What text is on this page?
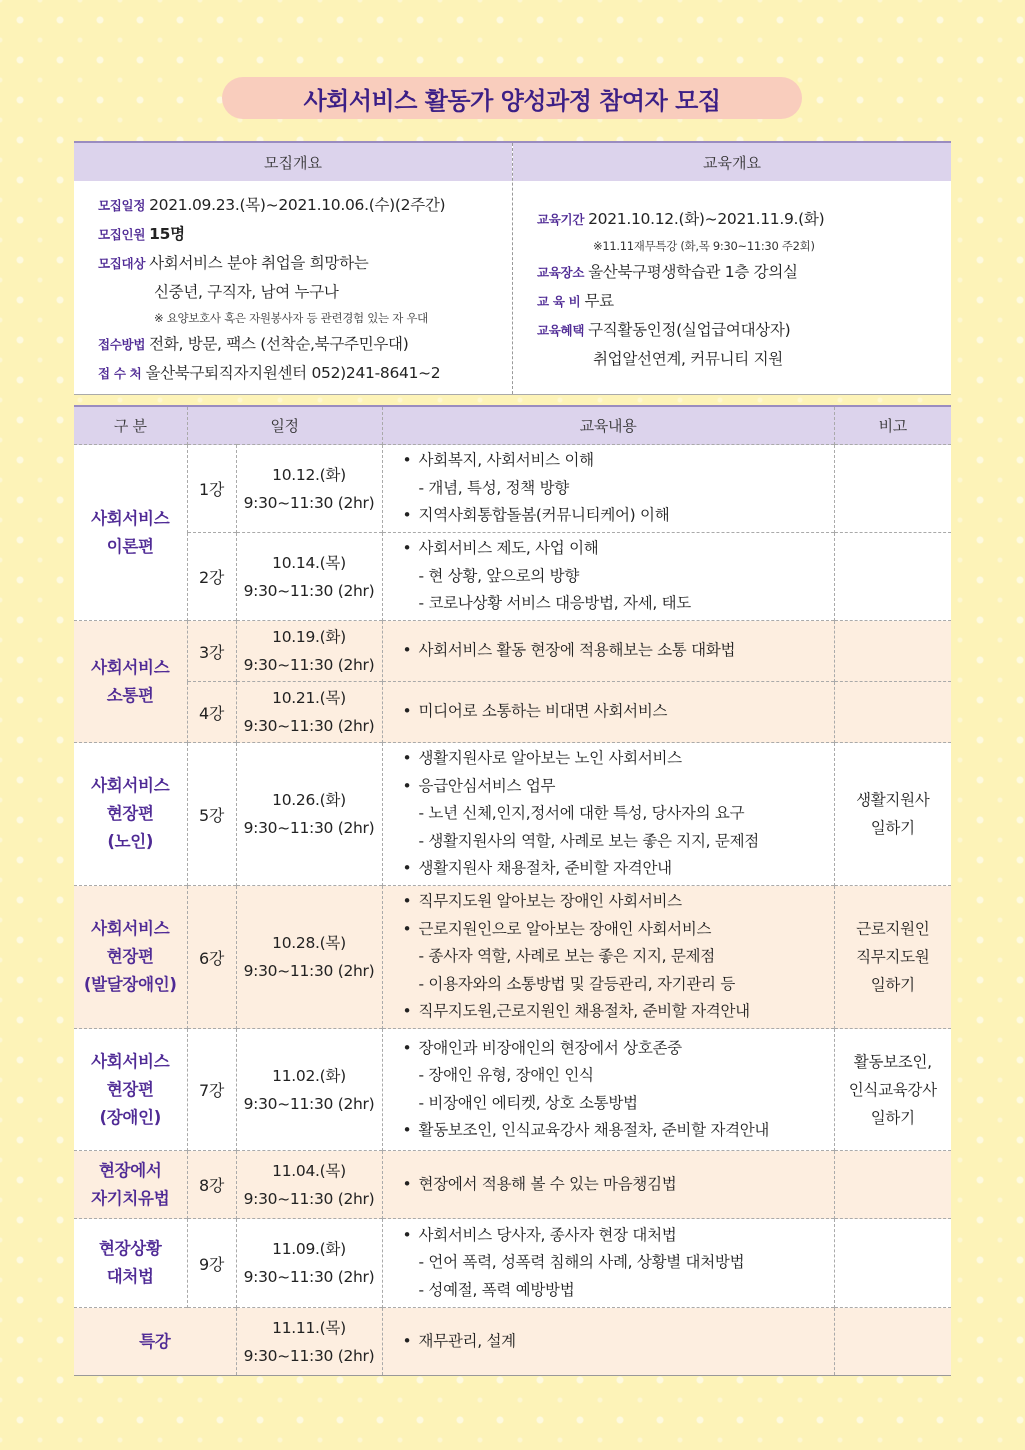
사회서비스 활동가 양성과정 참여자 모집
모집개요	교육개요
모집일정 2021.09.23.(목)~2021.10.06.(수)(2주간)
모집인원 15명
모집대상 사회서비스 분야 취업을 희망하는
신중년, 구직자, 남여 누구나
※ 요양보호사 혹은 자원봉사자 등 관련경험 있는 자 우대
접수방법 전화, 방문, 팩스 (선착순,북구주민우대)
접 수 처 울산북구퇴직자지원센터 052)241-8641~2
교육기간 2021.10.12.(화)~2021.11.9.(화)
※11.11재무특강 (화,목 9:30~11:30 주2회)
교육장소 울산북구평생학습관 1층 강의실
교 육 비 무료
교육혜택 구직활동인정(실업급여대상자)
취업알선연계, 커뮤니티 지원
구 분	일정		교육내용	비고
사회서비스
이론편	1강	10.12.(화)
9:30~11:30 (2hr)	• 사회복지, 사회서비스 이해
- 개념, 특성, 정책 방향
• 지역사회통합돌봄(커뮤니티케어) 이해

	2강	10.14.(목)
9:30~11:30 (2hr)	• 사회서비스 제도, 사업 이해
- 현 상황, 앞으로의 방향
- 코로나상황 서비스 대응방법, 자세, 태도

사회서비스
소통편	3강	10.19.(화)
9:30~11:30 (2hr)	• 사회서비스 활동 현장에 적용해보는 소통 대화법

	4강	10.21.(목)
9:30~11:30 (2hr)	• 미디어로 소통하는 비대면 사회서비스

사회서비스
현장편
(노인)	5강	10.26.(화)
9:30~11:30 (2hr)	• 생활지원사로 알아보는 노인 사회서비스
• 응급안심서비스 업무
- 노년 신체,인지,정서에 대한 특성, 당사자의 요구
- 생활지원사의 역할, 사례로 보는 좋은 지지, 문제점
• 생활지원사 채용절차, 준비할 자격안내	생활지원사
일하기
사회서비스
현장편
(발달장애인)	6강	10.28.(목)
9:30~11:30 (2hr)	• 직무지도원 알아보는 장애인 사회서비스
• 근로지원인으로 알아보는 장애인 사회서비스
- 종사자 역할, 사례로 보는 좋은 지지, 문제점
- 이용자와의 소통방법 및 갈등관리, 자기관리 등
• 직무지도원,근로지원인 채용절차, 준비할 자격안내	근로지원인
직무지도원
일하기
사회서비스
현장편
(장애인)	7강	11.02.(화)
9:30~11:30 (2hr)	• 장애인과 비장애인의 현장에서 상호존중
- 장애인 유형, 장애인 인식
- 비장애인 에티켓, 상호 소통방법
• 활동보조인, 인식교육강사 채용절차, 준비할 자격안내	활동보조인,
인식교육강사
일하기
현장에서
자기치유법	8강	11.04.(목)
9:30~11:30 (2hr)	• 현장에서 적용해 볼 수 있는 마음챙김법

현장상황
대처법	9강	11.09.(화)
9:30~11:30 (2hr)	• 사회서비스 당사자, 종사자 현장 대처법
- 언어 폭력, 성폭력 침해의 사례, 상황별 대처방법
- 성예절, 폭력 예방방법

특강		11.11.(목)
9:30~11:30 (2hr)	• 재무관리, 설계
